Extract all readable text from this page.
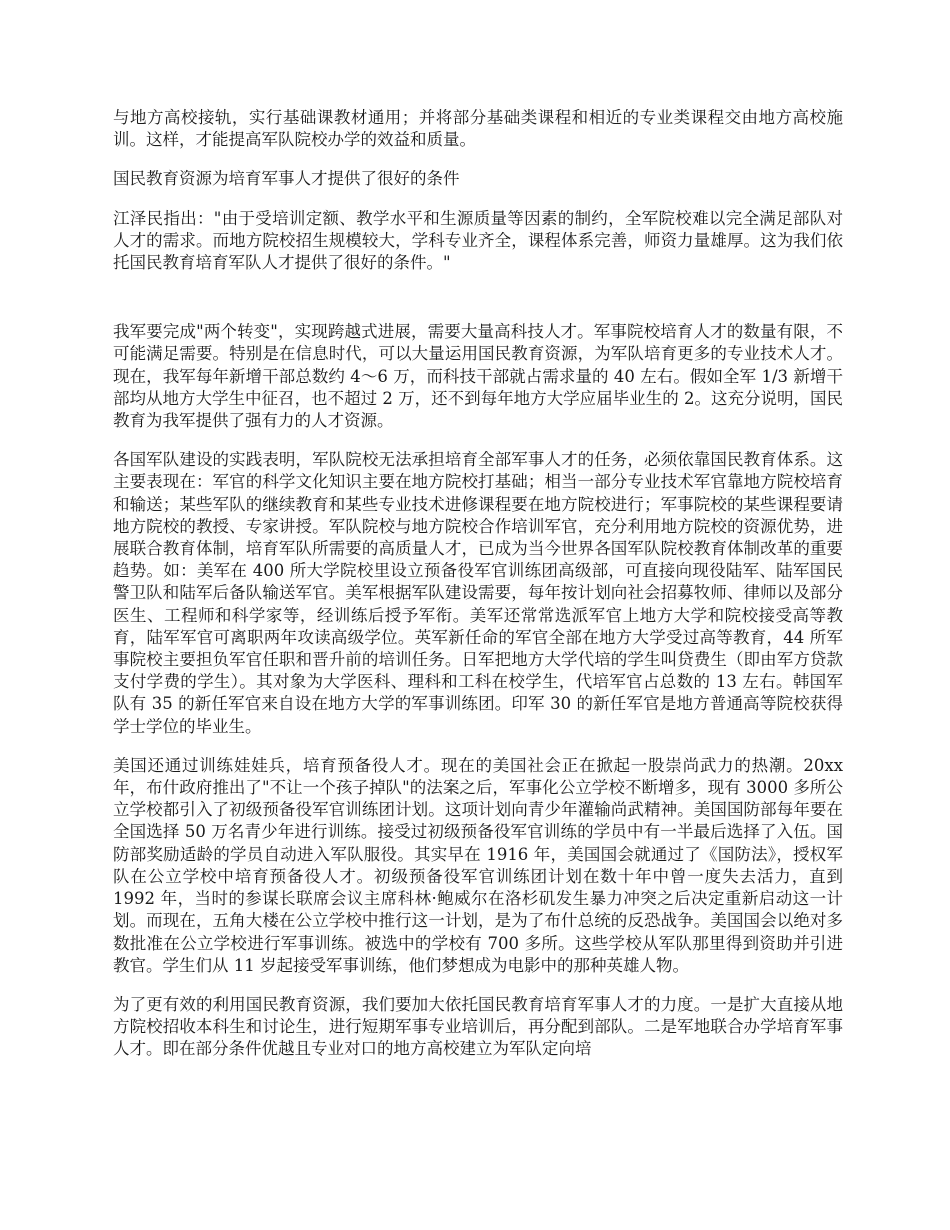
与地方高校接轨，实行基础课教材通用；并将部分基础类课程和相近的专业类课程交由地方高校施训。这样，才能提高军队院校办学的效益和质量。

国民教育资源为培育军事人才提供了很好的条件

江泽民指出："由于受培训定额、教学水平和生源质量等因素的制约，全军院校难以完全满足部队对人才的需求。而地方院校招生规模较大，学科专业齐全，课程体系完善，师资力量雄厚。这为我们依托国民教育培育军队人才提供了很好的条件。"

我军要完成"两个转变"，实现跨越式进展，需要大量高科技人才。军事院校培育人才的数量有限，不可能满足需要。特别是在信息时代，可以大量运用国民教育资源，为军队培育更多的专业技术人才。现在，我军每年新增干部总数约 4～6 万，而科技干部就占需求量的 40 左右。假如全军 1/3 新增干部均从地方大学生中征召，也不超过 2 万，还不到每年地方大学应届毕业生的 2。这充分说明，国民教育为我军提供了强有力的人才资源。

各国军队建设的实践表明，军队院校无法承担培育全部军事人才的任务，必须依靠国民教育体系。这主要表现在：军官的科学文化知识主要在地方院校打基础；相当一部分专业技术军官靠地方院校培育和输送；某些军队的继续教育和某些专业技术进修课程要在地方院校进行；军事院校的某些课程要请地方院校的教授、专家讲授。军队院校与地方院校合作培训军官，充分利用地方院校的资源优势，进展联合教育体制，培育军队所需要的高质量人才，已成为当今世界各国军队院校教育体制改革的重要趋势。如：美军在 400 所大学院校里设立预备役军官训练团高级部，可直接向现役陆军、陆军国民警卫队和陆军后备队输送军官。美军根据军队建设需要，每年按计划向社会招募牧师、律师以及部分医生、工程师和科学家等，经训练后授予军衔。美军还常常选派军官上地方大学和院校接受高等教育，陆军军官可离职两年攻读高级学位。英军新任命的军官全部在地方大学受过高等教育，44 所军事院校主要担负军官任职和晋升前的培训任务。日军把地方大学代培的学生叫贷费生（即由军方贷款支付学费的学生）。其对象为大学医科、理科和工科在校学生，代培军官占总数的 13 左右。韩国军队有 35 的新任军官来自设在地方大学的军事训练团。印军 30 的新任军官是地方普通高等院校获得学士学位的毕业生。

美国还通过训练娃娃兵，培育预备役人才。现在的美国社会正在掀起一股崇尚武力的热潮。20xx 年，布什政府推出了"不让一个孩子掉队"的法案之后，军事化公立学校不断增多，现有 3000 多所公立学校都引入了初级预备役军官训练团计划。这项计划向青少年灌输尚武精神。美国国防部每年要在全国选择 50 万名青少年进行训练。接受过初级预备役军官训练的学员中有一半最后选择了入伍。国防部奖励适龄的学员自动进入军队服役。其实早在 1916 年，美国国会就通过了《国防法》，授权军队在公立学校中培育预备役人才。初级预备役军官训练团计划在数十年中曾一度失去活力，直到 1992 年，当时的参谋长联席会议主席科林·鲍威尔在洛杉矶发生暴力冲突之后决定重新启动这一计划。而现在，五角大楼在公立学校中推行这一计划，是为了布什总统的反恐战争。美国国会以绝对多数批准在公立学校进行军事训练。被选中的学校有 700 多所。这些学校从军队那里得到资助并引进教官。学生们从 11 岁起接受军事训练，他们梦想成为电影中的那种英雄人物。

为了更有效的利用国民教育资源，我们要加大依托国民教育培育军事人才的力度。一是扩大直接从地方院校招收本科生和讨论生，进行短期军事专业培训后，再分配到部队。二是军地联合办学培育军事人才。即在部分条件优越且专业对口的地方高校建立为军队定向培
